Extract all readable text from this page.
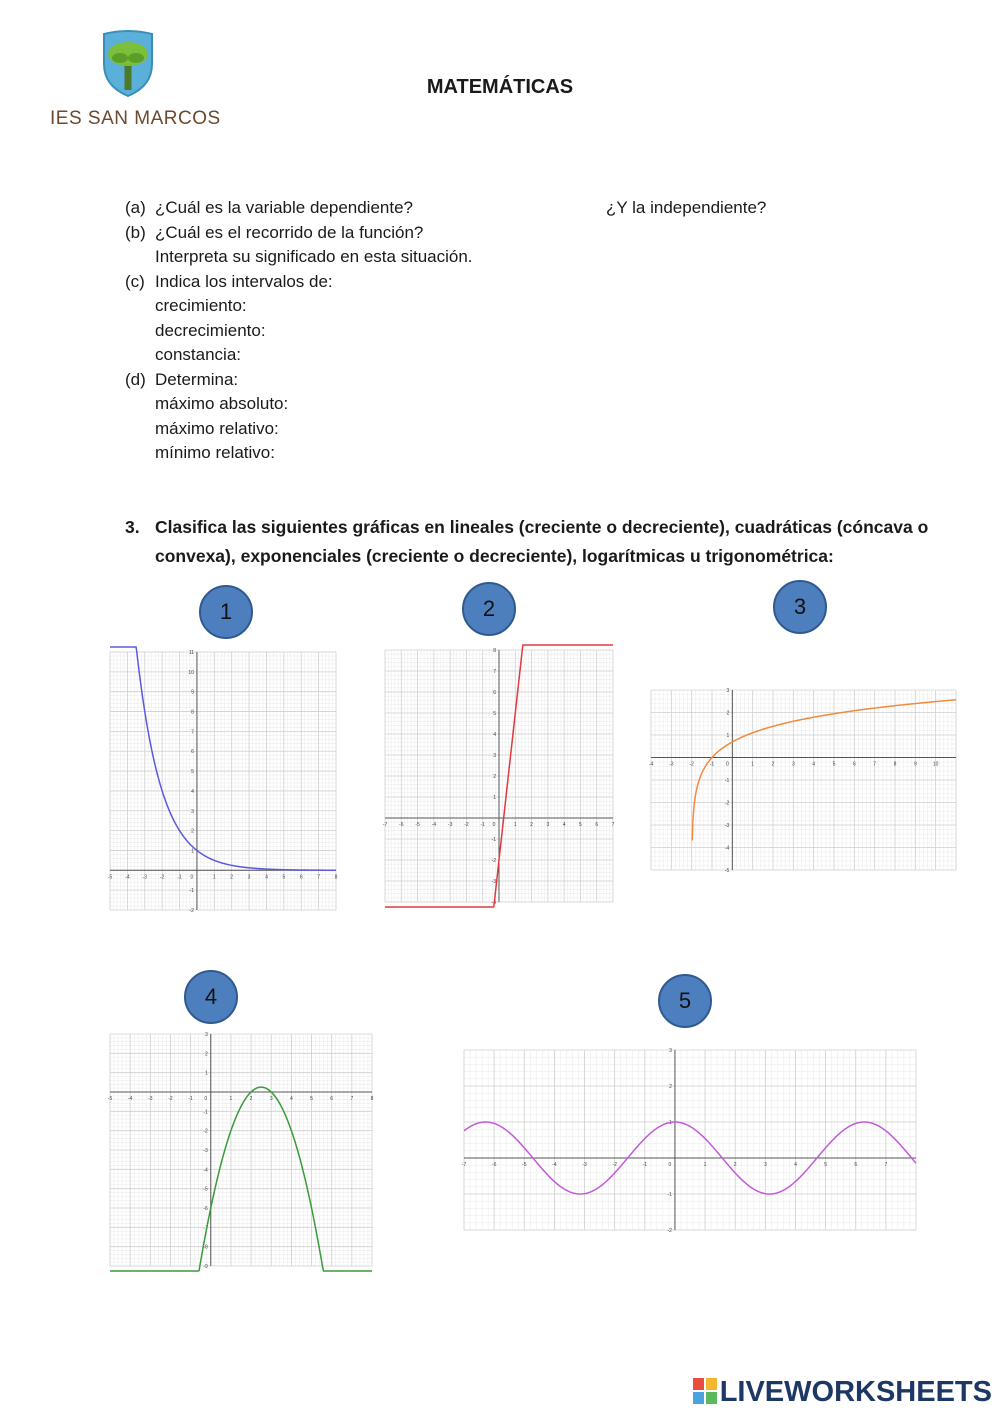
IES SAN MARCOS
MATEMÁTICAS
(a) ¿Cuál es la variable dependiente?	¿Y la independiente?
(b) ¿Cuál es el recorrido de la función?
Interpreta su significado en esta situación.
(c) Indica los intervalos de:
crecimiento:
decrecimiento:
constancia:
(d) Determina:
máximo absoluto:
máximo relativo:
mínimo relativo:
3. Clasifica las siguientes gráficas en lineales (creciente o decreciente), cuadráticas (cóncava o
convexa), exponenciales (creciente o decreciente), logarítmicas u trigonométrica:
1	2	3
4	5
-5	-4	-3	-2	-1 0	1	2	3	4	5	6	7	8
-2
-1
1
2
3
4
5
6
7
8
9
10
11
-7 -6 -5 -4 -3 -2 -1 0	1	2	3	4	5	6	7
-4
-3
-2
-1
1
2
3
4
5
6
7
8
-4	-3	-2	-1 0	1	2	3	4	5	6	7	8	9	10
-5
-4
-3
-2
-1
1
2
3
-5	-4	-3	-2	-1 0	1	2	3	4	5	6	7	8
-9
-8
-7
-6
-5
-4
-3
-2
-1
1
2
3
-7	-6	-5	-4	-3	-2	-1	0	1	2	3	4	5	6	7
-2
-1
1
2
3
LIVEWORKSHEETS
